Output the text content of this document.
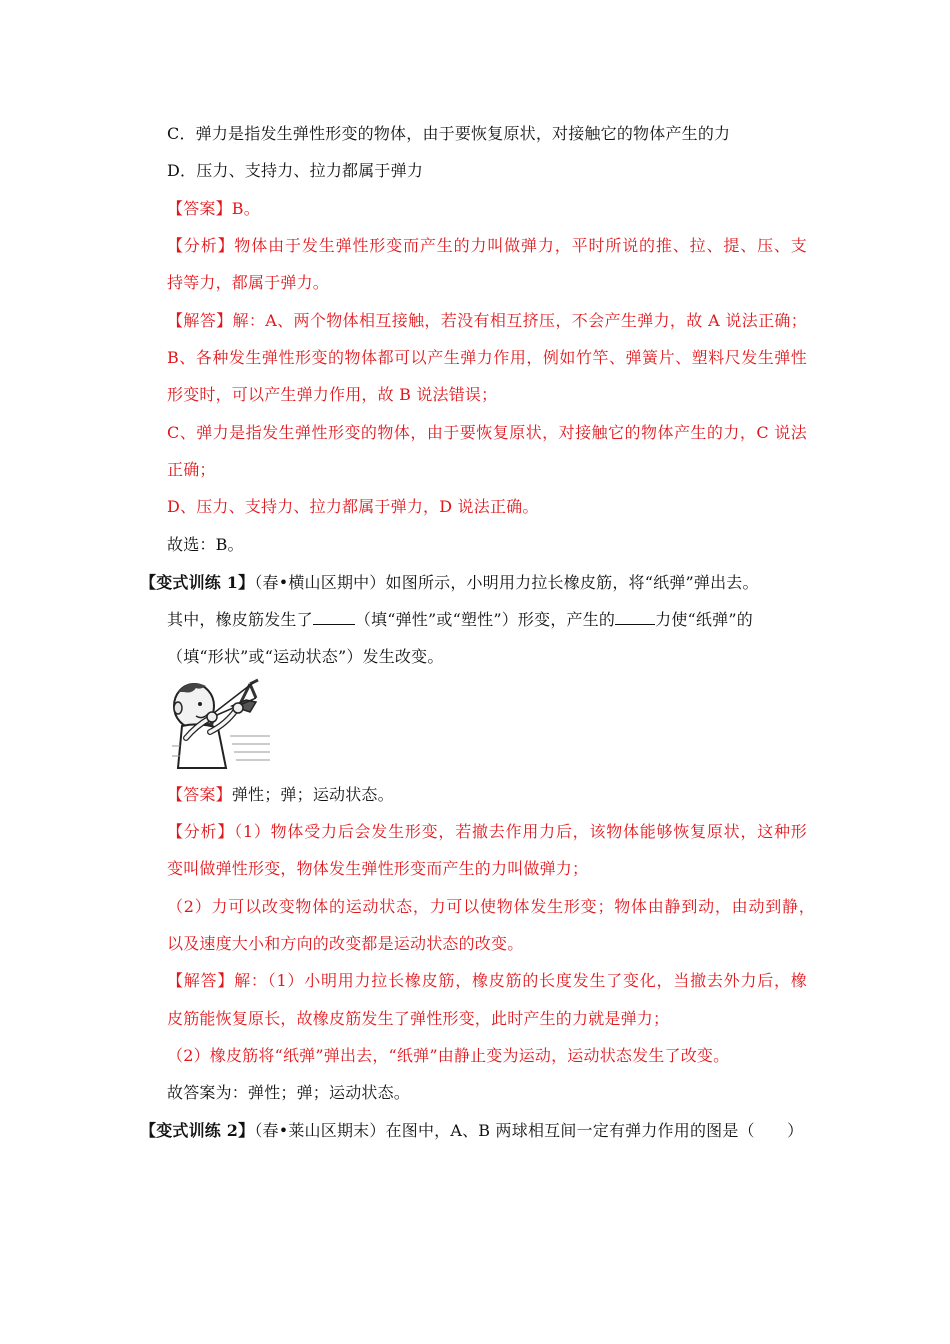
C．弹力是指发生弹性形变的物体，由于要恢复原状，对接触它的物体产生的力
D．压力、支持力、拉力都属于弹力
【答案】B。
【分析】物体由于发生弹性形变而产生的力叫做弹力，平时所说的推、拉、提、压、支
持等力，都属于弹力。
【解答】解：A、两个物体相互接触，若没有相互挤压，不会产生弹力，故 A 说法正确；
B、各种发生弹性形变的物体都可以产生弹力作用，例如竹竿、弹簧片、塑料尺发生弹性
形变时，可以产生弹力作用，故 B 说法错误；
C、弹力是指发生弹性形变的物体，由于要恢复原状，对接触它的物体产生的力，C 说法
正确；
D、压力、支持力、拉力都属于弹力，D 说法正确。
故选：B。
【变式训练 1】（春•横山区期中）如图所示，小明用力拉长橡皮筋，将“纸弹”弹出去。
其中，橡皮筋发生了	（填“弹性”或“塑性”）形变，产生的	力使“纸弹”的
（填“形状”或“运动状态”）发生改变。
【答案】弹性；弹；运动状态。
【分析】（1）物体受力后会发生形变，若撤去作用力后，该物体能够恢复原状，这种形
变叫做弹性形变，物体发生弹性形变而产生的力叫做弹力；
（2）力可以改变物体的运动状态，力可以使物体发生形变；物体由静到动，由动到静，
以及速度大小和方向的改变都是运动状态的改变。
【解答】解：（1）小明用力拉长橡皮筋，橡皮筋的长度发生了变化，当撤去外力后，橡
皮筋能恢复原长，故橡皮筋发生了弹性形变，此时产生的力就是弹力；
（2）橡皮筋将“纸弹”弹出去，“纸弹”由静止变为运动，运动状态发生了改变。
故答案为：弹性；弹；运动状态。
【变式训练 2】（春•莱山区期末）在图中，A、B 两球相互间一定有弹力作用的图是（　　）
